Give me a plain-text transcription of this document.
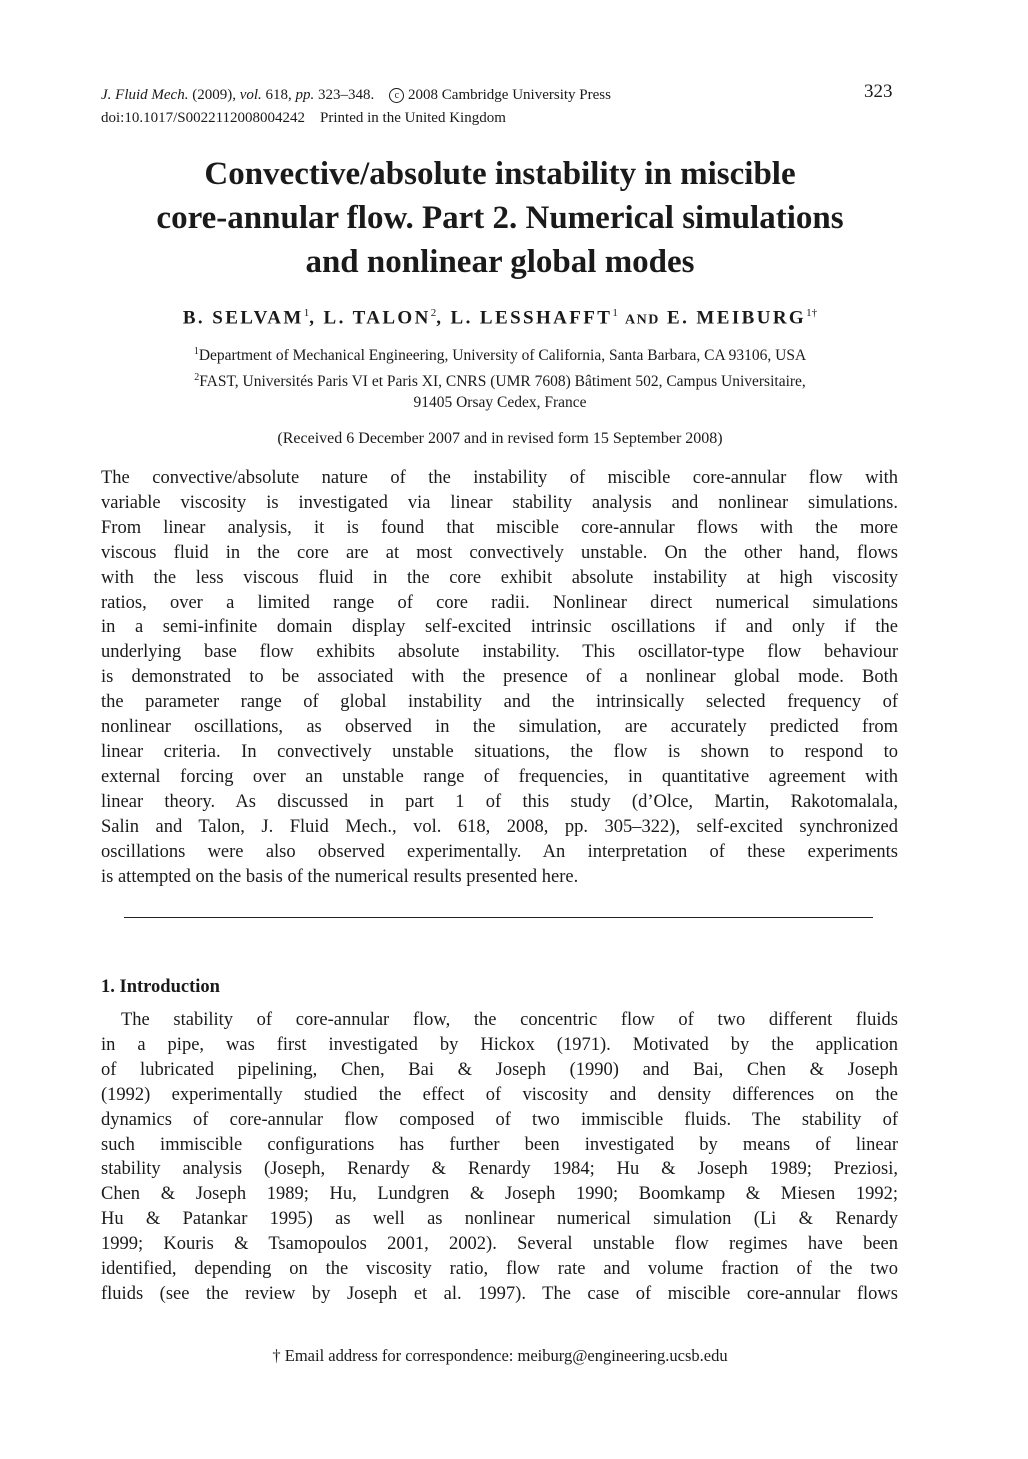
J. Fluid Mech. (2009), vol. 618, pp. 323–348. c 2008 Cambridge University Press
doi:10.1017/S0022112008004242 Printed in the United Kingdom
323
Convective/absolute instability in miscible
core-annular flow. Part 2. Numerical simulations
and nonlinear global modes
B. SELVAM$^1$, L. TALON$^2$, L. LESSHAFFT$^1$ AND E. $MEIBURG^{1\dagger}$
$^1$Department of Mechanical Engineering, University of California, Santa Barbara, CA 93106, USA
$^2$FAST, Universités Paris VI et Paris XI, CNRS (UMR 7608) Bâtiment 502, Campus Universitaire,
91405 Orsay Cedex, France
(Received 6 December 2007 and in revised form 15 September 2008)
The convective/absolute nature of the instability of miscible core-annular flow with
variable viscosity is investigated via linear stability analysis and nonlinear simulations.
From linear analysis, it is found that miscible core-annular flows with the more
viscous fluid in the core are at most convectively unstable. On the other hand, flows
with the less viscous fluid in the core exhibit absolute instability at high viscosity
ratios, over a limited range of core radii. Nonlinear direct numerical simulations
in a semi-infinite domain display self-excited intrinsic oscillations if and only if the
underlying base flow exhibits absolute instability. This oscillator-type flow behaviour
is demonstrated to be associated with the presence of a nonlinear global mode. Both
the parameter range of global instability and the intrinsically selected frequency of
nonlinear oscillations, as observed in the simulation, are accurately predicted from
linear criteria. In convectively unstable situations, the flow is shown to respond to
external forcing over an unstable range of frequencies, in quantitative agreement with
linear theory. As discussed in part 1 of this study (d’Olce, Martin, Rakotomalala,
Salin and Talon, J. Fluid Mech., vol. 618, 2008, pp. 305–322), self-excited synchronized
oscillations were also observed experimentally. An interpretation of these experiments
is attempted on the basis of the numerical results presented here.
1. Introduction
The stability of core-annular flow, the concentric flow of two different fluids
in a pipe, was first investigated by Hickox (1971). Motivated by the application
of lubricated pipelining, Chen, Bai & Joseph (1990) and Bai, Chen & Joseph
(1992) experimentally studied the effect of viscosity and density differences on the
dynamics of core-annular flow composed of two immiscible fluids. The stability of
such immiscible configurations has further been investigated by means of linear
stability analysis (Joseph, Renardy & Renardy 1984; Hu & Joseph 1989; Preziosi,
Chen & Joseph 1989; Hu, Lundgren & Joseph 1990; Boomkamp & Miesen 1992;
Hu & Patankar 1995) as well as nonlinear numerical simulation (Li & Renardy
1999; Kouris & Tsamopoulos 2001, 2002). Several unstable flow regimes have been
identified, depending on the viscosity ratio, flow rate and volume fraction of the two
fluids (see the review by Joseph et al. 1997). The case of miscible core-annular flows
† Email address for correspondence: meiburg@engineering.ucsb.edu
